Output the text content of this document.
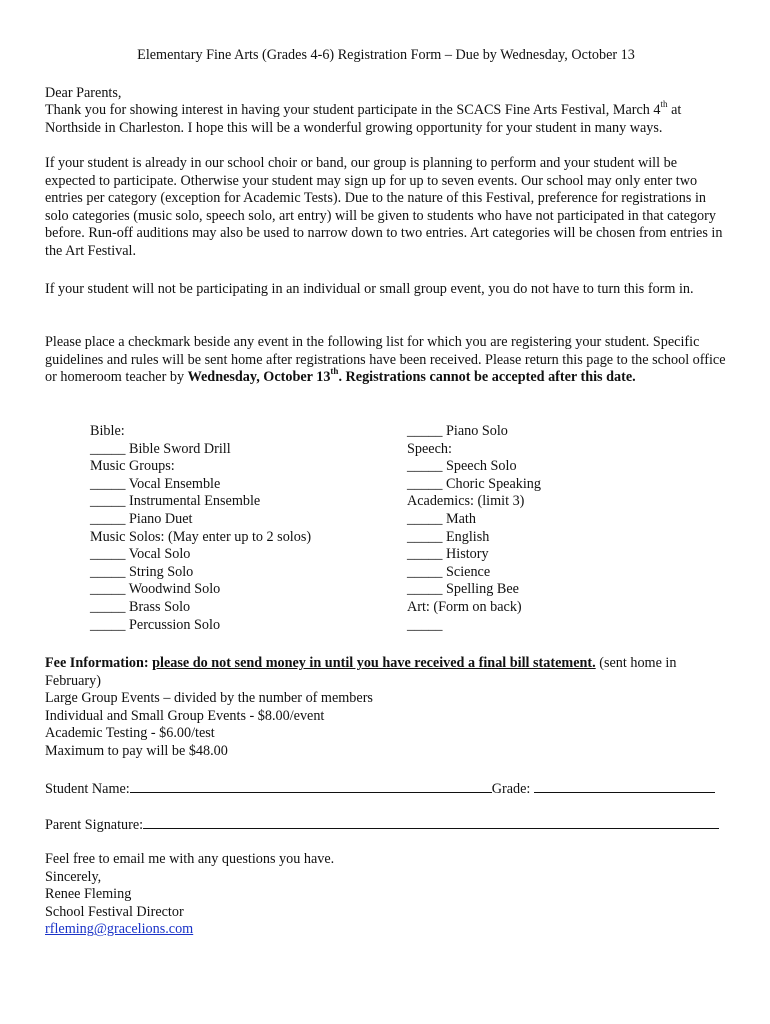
Elementary Fine Arts (Grades 4-6) Registration Form – Due by Wednesday, October 13

Dear Parents,

Thank you for showing interest in having your student participate in the SCACS Fine Arts Festival, March 4th at Northside in Charleston. I hope this will be a wonderful growing opportunity for your student in many ways.

If your student is already in our school choir or band, our group is planning to perform and your student will be expected to participate. Otherwise your student may sign up for up to seven events. Our school may only enter two entries per category (exception for Academic Tests). Due to the nature of this Festival, preference for registrations in solo categories (music solo, speech solo, art entry) will be given to students who have not participated in that category before. Run-off auditions may also be used to narrow down to two entries. Art categories will be chosen from entries in the Art Festival.

If your student will not be participating in an individual or small group event, you do not have to turn this form in.

Please place a checkmark beside any event in the following list for which you are registering your student. Specific guidelines and rules will be sent home after registrations have been received. Please return this page to the school office or homeroom teacher by Wednesday, October 13th. Registrations cannot be accepted after this date.

Bible:
_____ Bible Sword Drill
Music Groups:
_____ Vocal Ensemble
_____ Instrumental Ensemble
_____ Piano Duet
Music Solos: (May enter up to 2 solos)
_____ Vocal Solo
_____ String Solo
_____ Woodwind Solo
_____ Brass Solo
_____ Percussion Solo
_____ Piano Solo
Speech:
_____ Speech Solo
_____ Choric Speaking
Academics: (limit 3)
_____ Math
_____ English
_____ History
_____ Science
_____ Spelling Bee
Art: (Form on back)
_____

Fee Information: please do not send money in until you have received a final bill statement. (sent home in February)

Large Group Events – divided by the number of members
Individual and Small Group Events - $8.00/event
Academic Testing - $6.00/test
Maximum to pay will be $48.00
Student Name:	Grade:
Parent Signature:
Feel free to email me with any questions you have.
Sincerely,
Renee Fleming
School Festival Director
rfleming@gracelions.com
